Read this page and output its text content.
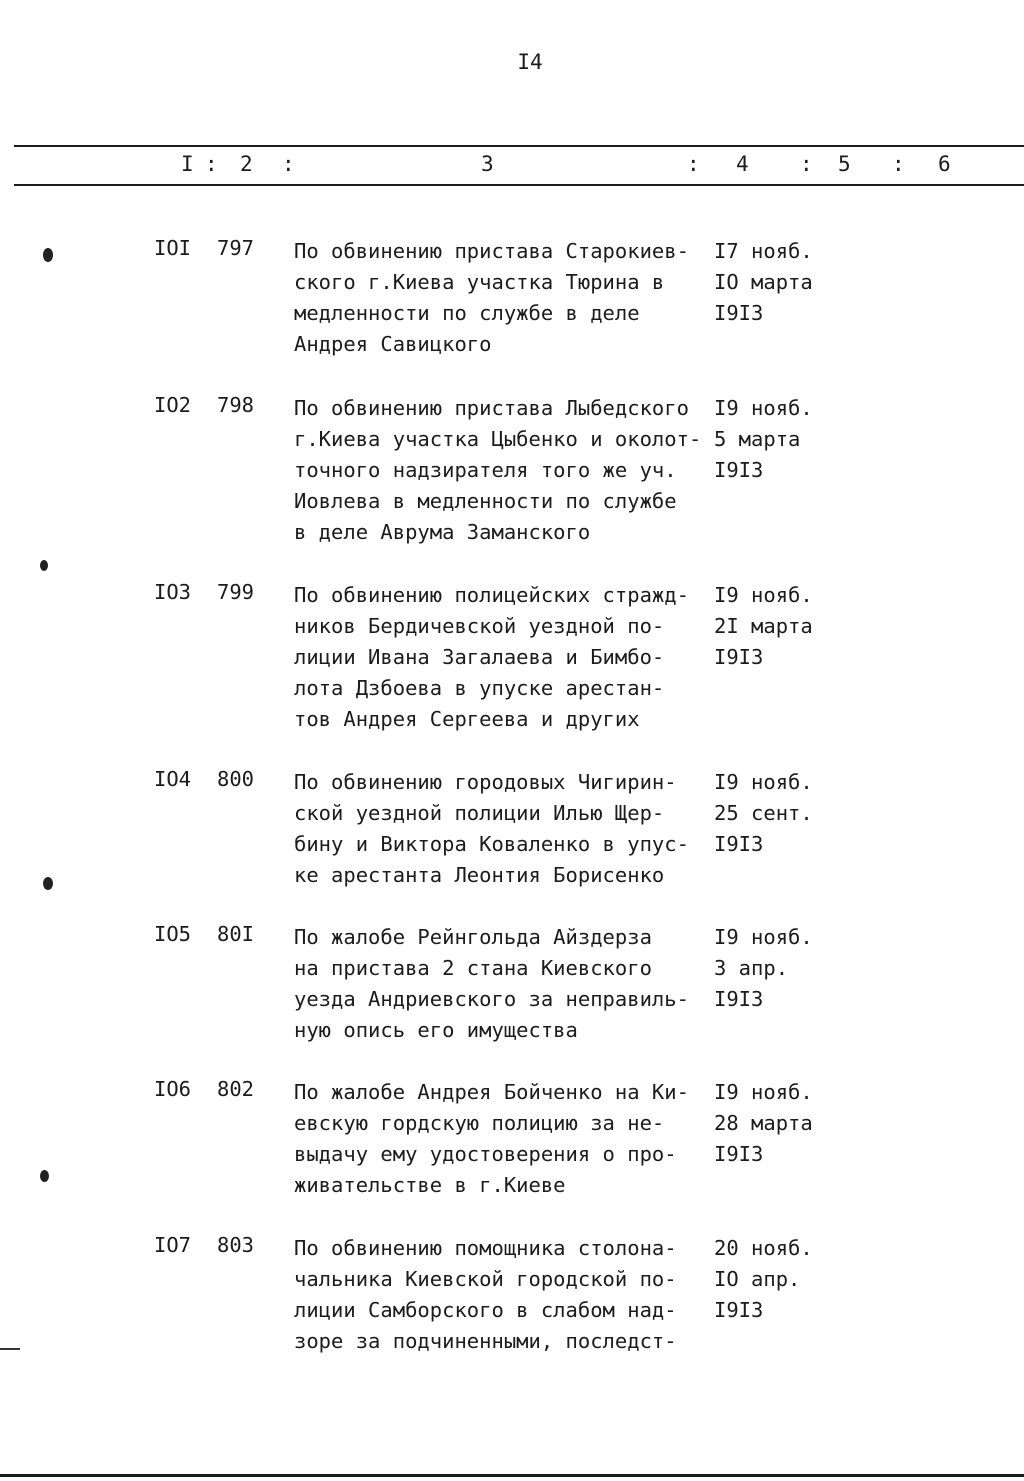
I4
I : 2 :	3	: 4 : 5 : 6
IOI 797 По обвинению пристава Старокиев-
ского г.Киева участка Тюрина в
медленности по службе в деле
Андрея Савицкого
I7 нояб.
IO марта
I9I3
IO2 798 По обвинению пристава Лыбедского
г.Киева участка Цыбенко и околот-
точного надзирателя того же уч.
Иовлева в медленности по службе
в деле Аврума Заманского
I9 нояб.
5 марта
I9I3
IO3 799 По обвинению полицейских стражд-
ников Бердичевской уездной по-
лиции Ивана Загалаева и Бимбо-
лота Дзбоева в упуске арестан-
тов Андрея Сергеева и других
I9 нояб.
2I марта
I9I3
IO4 800 По обвинению городовых Чигирин-
ской уездной полиции Илью Щер-
бину и Виктора Коваленко в упус-
ке арестанта Леонтия Борисенко
I9 нояб.
25 сент.
I9I3
IO5 80I По жалобе Рейнгольда Айздерза
на пристава 2 стана Киевского
уезда Андриевского за неправиль-
ную опись его имущества
I9 нояб.
3 апр.
I9I3
IO6 802 По жалобе Андрея Бойченко на Ки-
евскую гордскую полицию за не-
выдачу ему удостоверения о про-
живательстве в г.Киеве
I9 нояб.
28 марта
I9I3
IO7 803 По обвинению помощника столона-
чальника Киевской городской по-
лиции Самборского в слабом над-
зоре за подчиненными, последст-
20 нояб.
IO апр.
I9I3
